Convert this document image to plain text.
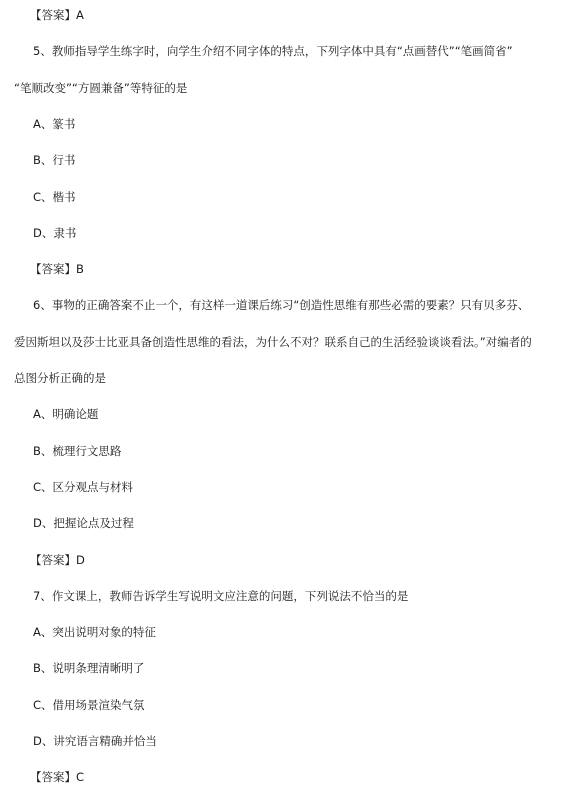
【答案】A
5、教师指导学生练字时，向学生介绍不同字体的特点，下列字体中具有“点画替代”“笔画简省”
“笔顺改变”“方圆兼备”等特征的是
A、篆书
B、行书
C、楷书
D、隶书
【答案】B
6、事物的正确答案不止一个，有这样一道课后练习“创造性思维有那些必需的要素？只有贝多芬、
爱因斯坦以及莎士比亚具备创造性思维的看法，为什么不对？联系自己的生活经验谈谈看法。”对编者的
总图分析正确的是
A、明确论题
B、梳理行文思路
C、区分观点与材料
D、把握论点及过程
【答案】D
7、作文课上，教师告诉学生写说明文应注意的问题，下列说法不恰当的是
A、突出说明对象的特征
B、说明条理清晰明了
C、借用场景渲染气氛
D、讲究语言精确并恰当
【答案】C
